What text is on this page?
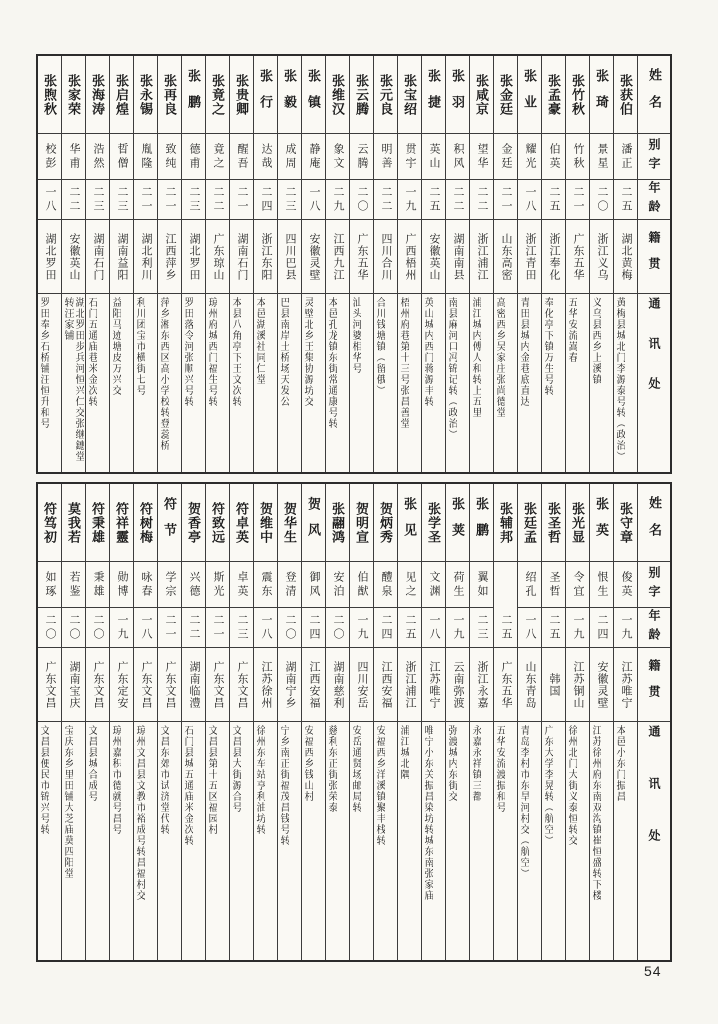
姓名
别字
年龄
籍贯
通讯处
张获伯
潘正
二五
湖北黄梅
黄梅县城北门李源泰号转（政治）
张琦
景星
二〇
浙江义乌
义乌县西乡上溪镇
张竹秋
竹秋
二一
广东五华
五华安流嵩春
张孟豪
伯英
二五
浙江奉化
奉化亭下镇万生号转
张业
耀光
一八
浙江青田
青田县城内金巷底直达
张金廷
金廷
二一
山东高密
高密西乡吴家庄张尚德堂
张咸京
望华
二二
浙江浦江
浦江城内傅人和转上五里
张羽
积风
二二
湖南南县
南县麻河口冯锦记转（政治）
张捷
英山
二五
安徽英山
英山城内西门蒋源丰转
张宝绍
贯宇
一九
广西梧州
梧州府巷第十三号张昌善堂
张元良
明善
二二
四川合川
合川钱塘镇（留俄）
张云腾
云腾
二〇
广东五华
汕头河婆相华号
张维汉
象文
二九
江西九江
本邑孔龙镇东街常通康号转
张镇
静庵
一八
安徽灵壁
灵壁北乡王集协源坊交
张毅
成周
二三
四川巴县
巴县南岸土桥场天发公
张行
达哉
二四
浙江东阳
本邑湖溪社同仁堂
张贵卿
醒吾
二一
湖南石门
本县八角亭下王文次转
张竟之
竟之
二二
广东琼山
琼州府城西门福生号转
张鹏
德甫
二三
湖北罗田
罗田落令河张顺兴号转
张再良
致纯
二一
江西萍乡
萍乡湘东西区高小学校转登蕊桥
张永锡
胤隆
二一
湖北利川
利川团宝市横街七号
张启煌
晢僧
二三
湖南益阳
益阳马迹塘皮万兴交
张海涛
浩然
二三
湖南石门
石门五通庙巷米金次转
张家荣
华甫
二二
安徽英山
湖北罗田步兵河恒兴仁交张继鏸堂转汪家铺
张煦秋
校彭
一八
湖北罗田
罗田奉乡石桥铺汪恒升和号
姓名
别字
年龄
籍贯
通讯处
张守章
俊英
一九
江苏唯宁
本邑小东门振昌
张英
恨生
二四
安徽灵壁
江苏徐州府东南双沟镇崔恒盛转下楼
张光显
令宜
一九
江苏铜山
徐州北门大街义泰恒转交
张圣哲
圣哲
二五
韩国
广东大学李晃转（航空）
张廷孟
绍孔
一八
山东青岛
青岛李村市东旱河村交（航空）
张辅邦
二五
广东五华
五华安流渡振和号
张鹏
翼如
二三
浙江永嘉
永嘉永祥镇三都
张荚
荷生
一九
云南弥渡
弥渡城内东街交
张学圣
文渊
一八
江苏唯宁
唯宁小东关振昌染坊转城东南张家庙
张见
见之
二五
浙江浦江
浦江城北隅
贺炳秀
醴泉
二四
江西安福
安福西乡洋溪镇聚丰栈转
贺明宣
伯猷
一九
四川安岳
安岳通贤场邮局转
张翮鸿
安泊
二〇
湖南慈利
慈利东正街张荣泰
贺风
御风
二四
江西安福
安福西乡钱山村
贺华生
登清
二〇
湖南宁乡
宁乡南正街福茂昌钱号转
贺维中
震东
一八
江苏徐州
徐州东车站亨利油坊转
符卓英
卓英
二三
广东文昌
文昌县大街源合号
符致远
斯光
二一
广东文昌
文昌县第十五区福园村
贺香亭
兴德
二二
湖南临澧
石门县城五通庙米金次转
符节
学宗
二一
广东文昌
文昌东郊市试济堂代转
符树梅
咏春
一八
广东文昌
琼州文昌县文教市裕成号转昌福村交
符祥靈
勋博
一九
广东定安
琼州嘉积市德就号昌号
符秉雄
秉雄
二〇
广东文昌
文昌县城合成号
莫我若
若鉴
二〇
湖南宝庆
宝庆东乡里田铺大芝庙莫四阳堂
符笃初
如琢
二〇
广东文昌
文昌县便民市锦兴号转
54
